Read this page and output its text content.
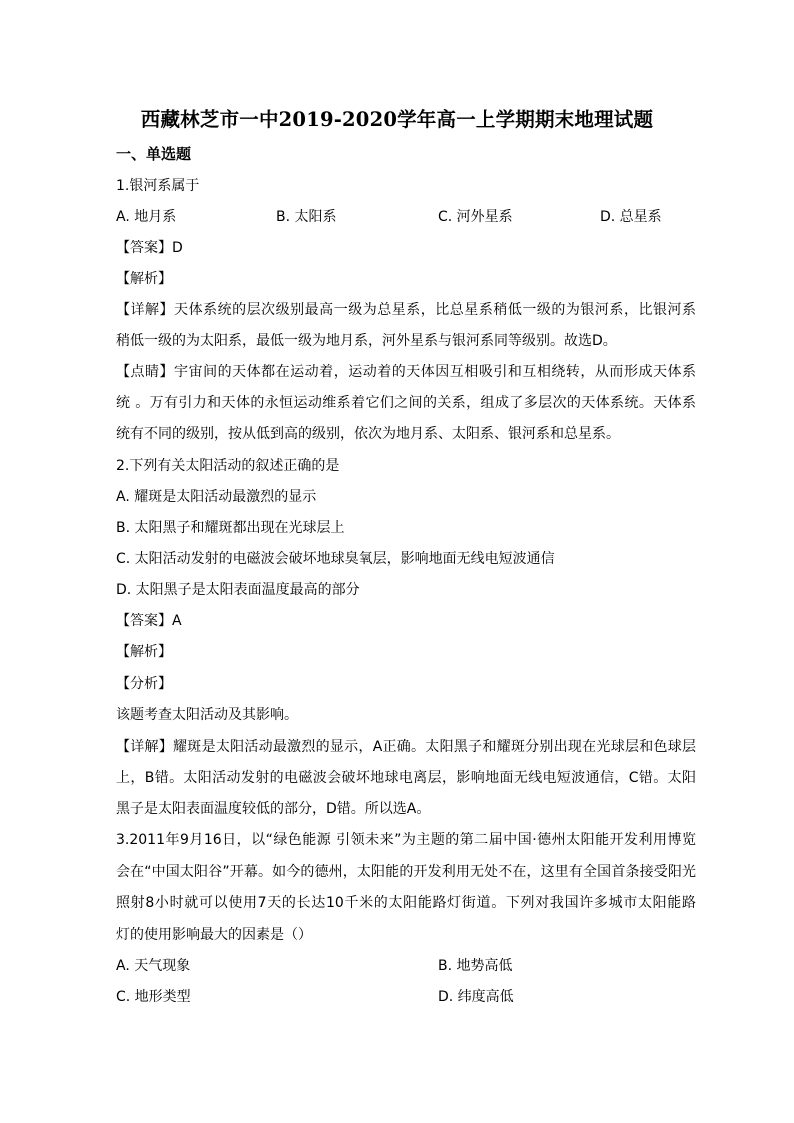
西藏林芝市一中2019-2020学年高一上学期期末地理试题
一、单选题
1.银河系属于
A. 地月系	B. 太阳系	C. 河外星系	D. 总星系
【答案】D
【解析】
【详解】天体系统的层次级别最高一级为总星系，比总星系稍低一级的为银河系，比银河系
稍低一级的为太阳系，最低一级为地月系，河外星系与银河系同等级别。故选D。
【点睛】宇宙间的天体都在运动着，运动着的天体因互相吸引和互相绕转，从而形成天体系
统 。万有引力和天体的永恒运动维系着它们之间的关系，组成了多层次的天体系统。天体系
统有不同的级别，按从低到高的级别，依次为地月系、太阳系、银河系和总星系。
2.下列有关太阳活动的叙述正确的是
A. 耀斑是太阳活动最激烈的显示
B. 太阳黑子和耀斑都出现在光球层上
C. 太阳活动发射的电磁波会破坏地球臭氧层，影响地面无线电短波通信
D. 太阳黑子是太阳表面温度最高的部分
【答案】A
【解析】
【分析】
该题考查太阳活动及其影响。
【详解】耀斑是太阳活动最激烈的显示，A正确。太阳黑子和耀斑分别出现在光球层和色球层
上，B错。太阳活动发射的电磁波会破坏地球电离层，影响地面无线电短波通信，C错。太阳
黑子是太阳表面温度较低的部分，D错。所以选A。
3.2011年9月16日，以“绿色能源 引领未来”为主题的第二届中国·德州太阳能开发利用博览
会在“中国太阳谷”开幕。如今的德州，太阳能的开发利用无处不在，这里有全国首条接受阳光
照射8小时就可以使用7天的长达10千米的太阳能路灯街道。下列对我国许多城市太阳能路
灯的使用影响最大的因素是（）
A. 天气现象	B. 地势高低
C. 地形类型	D. 纬度高低
